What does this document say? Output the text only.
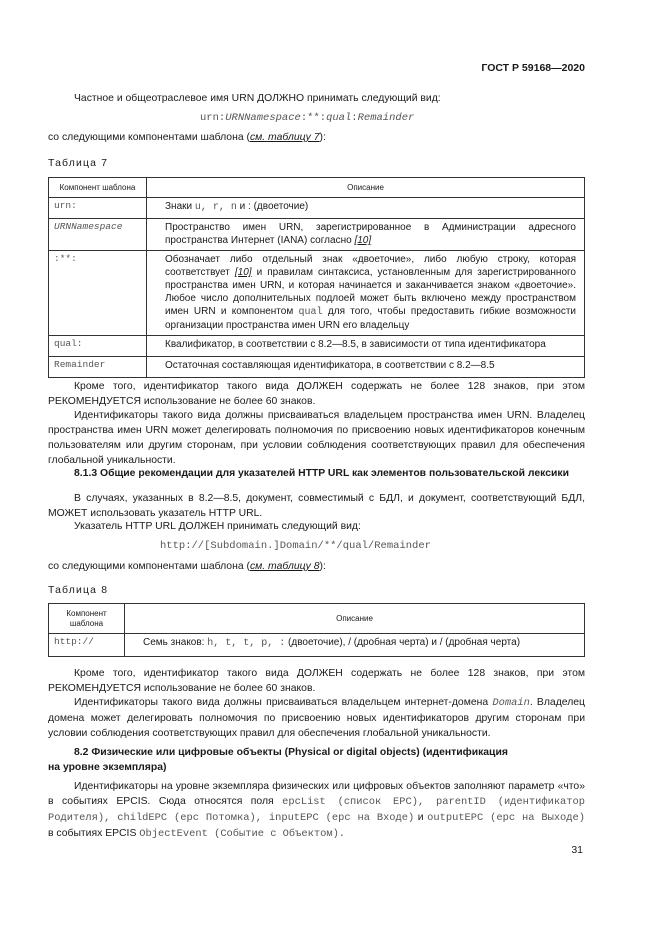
ГОСТ Р 59168—2020
Частное и общеотраслевое имя URN ДОЛЖНО принимать следующий вид:
urn:URNNamespace:**:qual:Remainder
со следующими компонентами шаблона (см. таблицу 7):
Таблица 7
Компонент шаблона	Описание
urn:	Знаки u, r, n и : (двоеточие)
URNNamespace	Пространство имен URN, зарегистрированное в Администрации адресного пространства Интернет (IANA) согласно [10]
:**:	Обозначает либо отдельный знак «двоеточие», либо любую строку, которая соответствует [10] и правилам синтаксиса, установленным для зарегистрированного пространства имен URN, и которая начинается и заканчивается знаком «двоеточие». Любое число дополнительных подлоей может быть включено между пространством имен URN и компонентом qual для того, чтобы предоставить гибкие возможности организации пространства имен URN его владельцу
qual:	Квалификатор, в соответствии с 8.2—8.5, в зависимости от типа идентификатора
Remainder	Остаточная составляющая идентификатора, в соответствии с 8.2—8.5
Кроме того, идентификатор такого вида ДОЛЖЕН содержать не более 128 знаков, при этом РЕКОМЕНДУЕТСЯ использование не более 60 знаков.
Идентификаторы такого вида должны присваиваться владельцем пространства имен URN. Владелец пространства имен URN может делегировать полномочия по присвоению новых идентификаторов конечным пользователям или другим сторонам, при условии соблюдения соответствующих правил для обеспечения глобальной уникальности.
8.1.3 Общие рекомендации для указателей HTTP URL как элементов пользовательской лексики
В случаях, указанных в 8.2—8.5, документ, совместимый с БДЛ, и документ, соответствующий БДЛ, МОЖЕТ использовать указатель HTTP URL.
Указатель HTTP URL ДОЛЖЕН принимать следующий вид:
http://[Subdomain.]Domain/**/qual/Remainder
со следующими компонентами шаблона (см. таблицу 8):
Таблица 8
Компонент шаблона	Описание
http://	Семь знаков: h, t, t, p, : (двоеточие), / (дробная черта) и / (дробная черта)
Кроме того, идентификатор такого вида ДОЛЖЕН содержать не более 128 знаков, при этом РЕКОМЕНДУЕТСЯ использование не более 60 знаков.
Идентификаторы такого вида должны присваиваться владельцем интернет-домена Domain. Владелец домена может делегировать полномочия по присвоению новых идентификаторов другим сторонам при условии соблюдения соответствующих правил для обеспечения глобальной уникальности.
8.2 Физические или цифровые объекты (Physical or digital objects) (идентификация на уровне экземпляра)
Идентификаторы на уровне экземпляра физических или цифровых объектов заполняют параметр «что» в событиях EPCIS. Сюда относятся поля epcList (список EPC), parentID (идентификатор Родителя), childEPC (epc Потомка), inputEPC (epc на Входе) и outputEPC (epc на Выходе) в событиях EPCIS ObjectEvent (Событие с Объектом).
31
